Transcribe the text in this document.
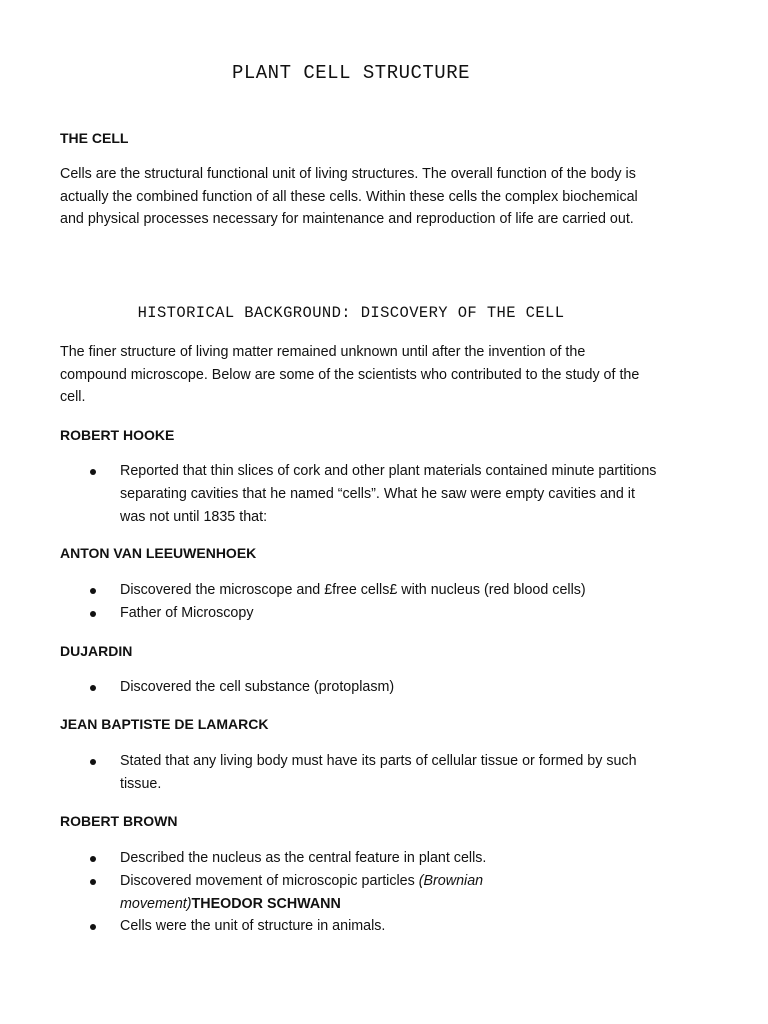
PLANT CELL STRUCTURE
THE CELL
Cells are the structural functional unit of living structures. The overall function of the body is actually the combined function of all these cells. Within these cells the complex biochemical and physical processes necessary for maintenance and reproduction of life are carried out.
HISTORICAL BACKGROUND: DISCOVERY OF THE CELL
The finer structure of living matter remained unknown until after the invention of the compound microscope. Below are some of the scientists who contributed to the study of the cell.
ROBERT HOOKE
Reported that thin slices of cork and other plant materials contained minute partitions separating cavities that he named “cells”. What he saw were empty cavities and it was not until 1835 that:
ANTON VAN LEEUWENHOEK
Discovered the microscope and £free cells£ with nucleus (red blood cells)
Father of Microscopy
DUJARDIN
Discovered the cell substance (protoplasm)
JEAN BAPTISTE DE LAMARCK
Stated that any living body must have its parts of cellular tissue or formed by such tissue.
ROBERT BROWN
Described the nucleus as the central feature in plant cells.
Discovered movement of microscopic particles (Brownian movement)THEODOR SCHWANN
Cells were the unit of structure in animals.
